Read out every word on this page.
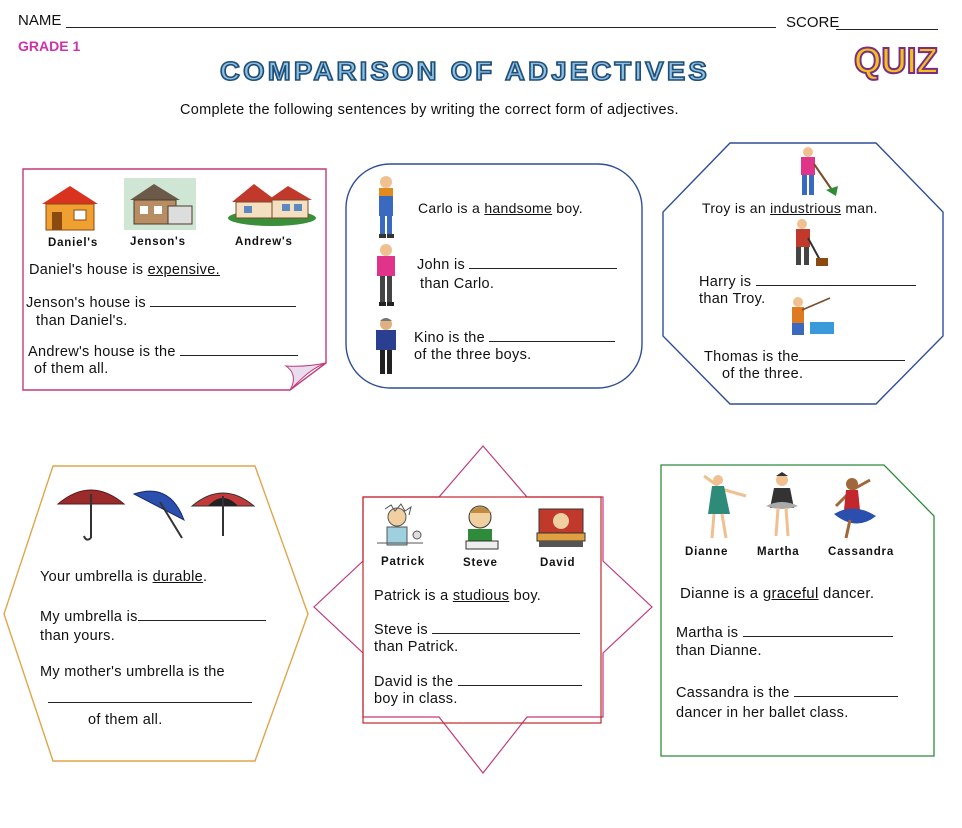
NAME	SCORE
GRADE 1
COMPARISON OF ADJECTIVES	QUIZ
Complete the following sentences by writing the correct form of adjectives.
Daniel's	Jenson's	Andrew's
Daniel's house is expensive.
Jenson's house is
than Daniel's.
Andrew's house is the
of them all.
Carlo is a handsome boy.
John is
than Carlo.
Kino is the
of the three boys.
Troy is an industrious man.
Harry is
than Troy.
Thomas is the
of the three.
Your umbrella is durable.
My umbrella is
than yours.
My mother's umbrella is the
of them all.
Patrick	Steve	David
Patrick is a studious boy.
Steve is
than Patrick.
David is the
boy in class.
Dianne	Martha Cassandra
Dianne is a graceful dancer.
Martha is
than Dianne.
Cassandra is the
dancer in her ballet class.
